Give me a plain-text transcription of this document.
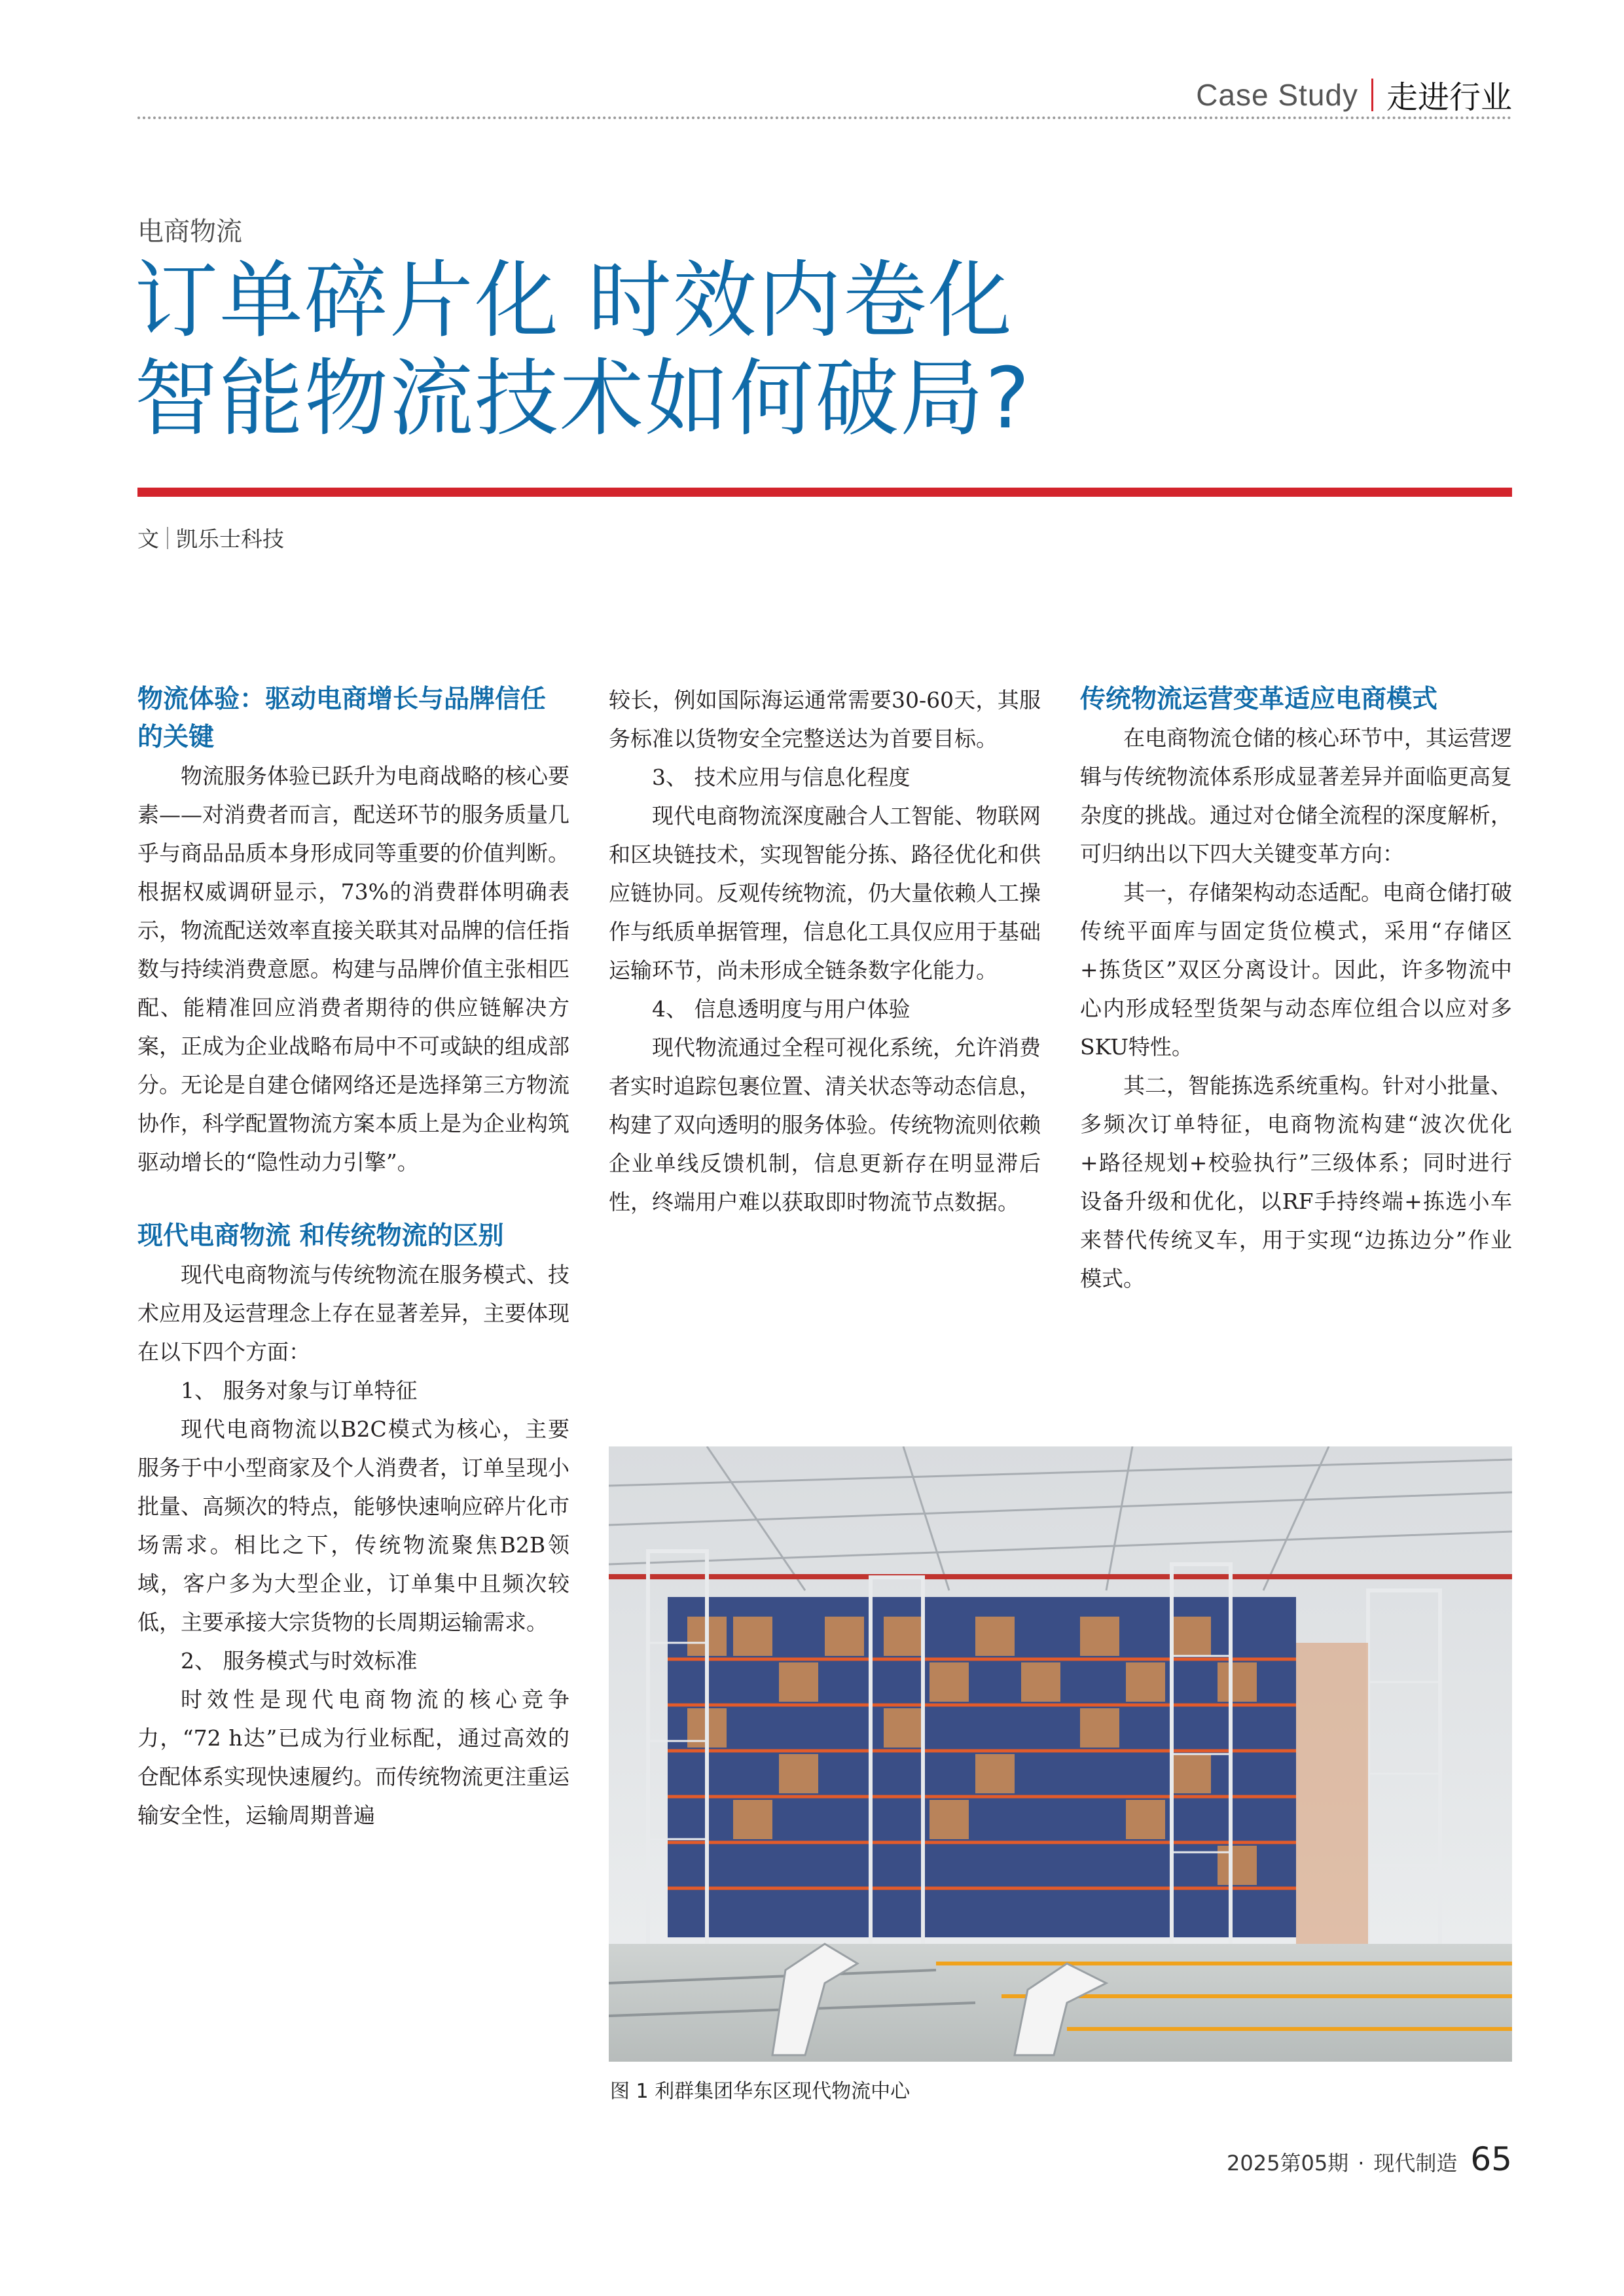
Case Study 走进行业
电商物流
订单碎片化 时效内卷化
智能物流技术如何破局?
文 凯乐士科技
物流体验：驱动电商增长与品牌信任的关键

物流服务体验已跃升为电商战略的核心要素——对消费者而言，配送环节的服务质量几乎与商品品质本身形成同等重要的价值判断。根据权威调研显示，73%的消费群体明确表示，物流配送效率直接关联其对品牌的信任指数与持续消费意愿。构建与品牌价值主张相匹配、能精准回应消费者期待的供应链解决方案，正成为企业战略布局中不可或缺的组成部分。无论是自建仓储网络还是选择第三方物流协作，科学配置物流方案本质上是为企业构筑驱动增长的“隐性动力引擎”。

现代电商物流 和传统物流的区别

现代电商物流与传统物流在服务模式、技术应用及运营理念上存在显著差异，主要体现在以下四个方面：

1、 服务对象与订单特征

现代电商物流以B2C模式为核心，主要服务于中小型商家及个人消费者，订单呈现小批量、高频次的特点，能够快速响应碎片化市场需求。相比之下，传统物流聚焦B2B领域，客户多为大型企业，订单集中且频次较低，主要承接大宗货物的长周期运输需求。

2、 服务模式与时效标准

时效性是现代电商物流的核心竞争力，“72 h达”已成为行业标配，通过高效的仓配体系实现快速履约。而传统物流更注重运输安全性，运输周期普遍

较长，例如国际海运通常需要30-60天，其服务标准以货物安全完整送达为首要目标。

3、 技术应用与信息化程度

现代电商物流深度融合人工智能、物联网和区块链技术，实现智能分拣、路径优化和供应链协同。反观传统物流，仍大量依赖人工操作与纸质单据管理，信息化工具仅应用于基础运输环节，尚未形成全链条数字化能力。

4、 信息透明度与用户体验

现代物流通过全程可视化系统，允许消费者实时追踪包裹位置、清关状态等动态信息，构建了双向透明的服务体验。传统物流则依赖企业单线反馈机制，信息更新存在明显滞后性，终端用户难以获取即时物流节点数据。

传统物流运营变革适应电商模式

在电商物流仓储的核心环节中，其运营逻辑与传统物流体系形成显著差异并面临更高复杂度的挑战。通过对仓储全流程的深度解析，可归纳出以下四大关键变革方向：

其一，存储架构动态适配。电商仓储打破传统平面库与固定货位模式，采用“存储区+拣货区”双区分离设计。因此，许多物流中心内形成轻型货架与动态库位组合以应对多SKU特性。

其二，智能拣选系统重构。针对小批量、多频次订单特征，电商物流构建“波次优化+路径规划+校验执行”三级体系；同时进行设备升级和优化，以RF手持终端+拣选小车来替代传统叉车，用于实现“边拣边分”作业模式。

图 1 利群集团华东区现代物流中心
2025第05期 · 现代制造 65
